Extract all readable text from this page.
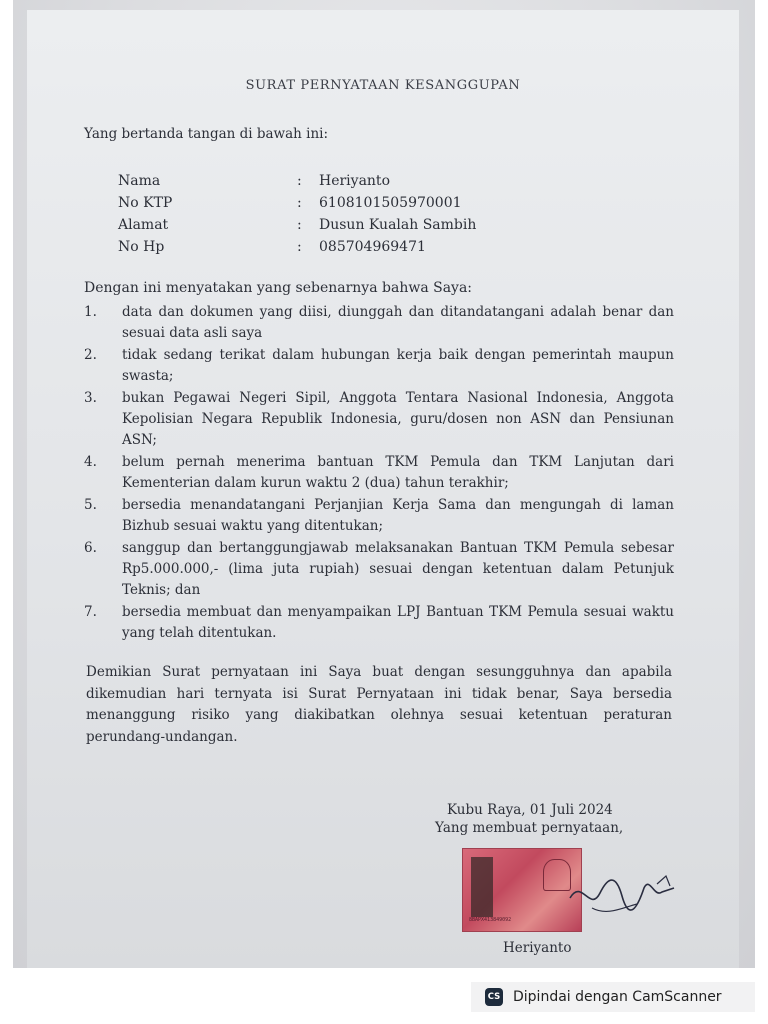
SURAT PERNYATAAN KESANGGUPAN
Yang bertanda tangan di bawah ini:
Nama	:	Heriyanto
No KTP	:	6108101505970001
Alamat	:	Dusun Kualah Sambih
No Hp	:	085704969471
Dengan ini menyatakan yang sebenarnya bahwa Saya:
1.	data dan dokumen yang diisi, diunggah dan ditandatangani adalah benar dan sesuai data asli saya
2.	tidak sedang terikat dalam hubungan kerja baik dengan pemerintah maupun swasta;
3.	bukan Pegawai Negeri Sipil, Anggota Tentara Nasional Indonesia, Anggota Kepolisian Negara Republik Indonesia, guru/dosen non ASN dan Pensiunan ASN;
4.	belum pernah menerima bantuan TKM Pemula dan TKM Lanjutan dari Kementerian dalam kurun waktu 2 (dua) tahun terakhir;
5.	bersedia menandatangani Perjanjian Kerja Sama dan mengungah di laman Bizhub sesuai waktu yang ditentukan;
6.	sanggup dan bertanggungjawab melaksanakan Bantuan TKM Pemula sebesar Rp5.000.000,- (lima juta rupiah) sesuai dengan ketentuan dalam Petunjuk Teknis; dan
7.	bersedia membuat dan menyampaikan LPJ Bantuan TKM Pemula sesuai waktu yang telah ditentukan.
Demikian Surat pernyataan ini Saya buat dengan sesungguhnya dan apabila dikemudian hari ternyata isi Surat Pernyataan ini tidak benar, Saya bersedia menanggung risiko yang diakibatkan olehnya sesuai ketentuan peraturan perundang-undangan.
Kubu Raya, 01 Juli 2024
Yang membuat pernyataan,
8BAPX413849092
Heriyanto
CS Dipindai dengan CamScanner
